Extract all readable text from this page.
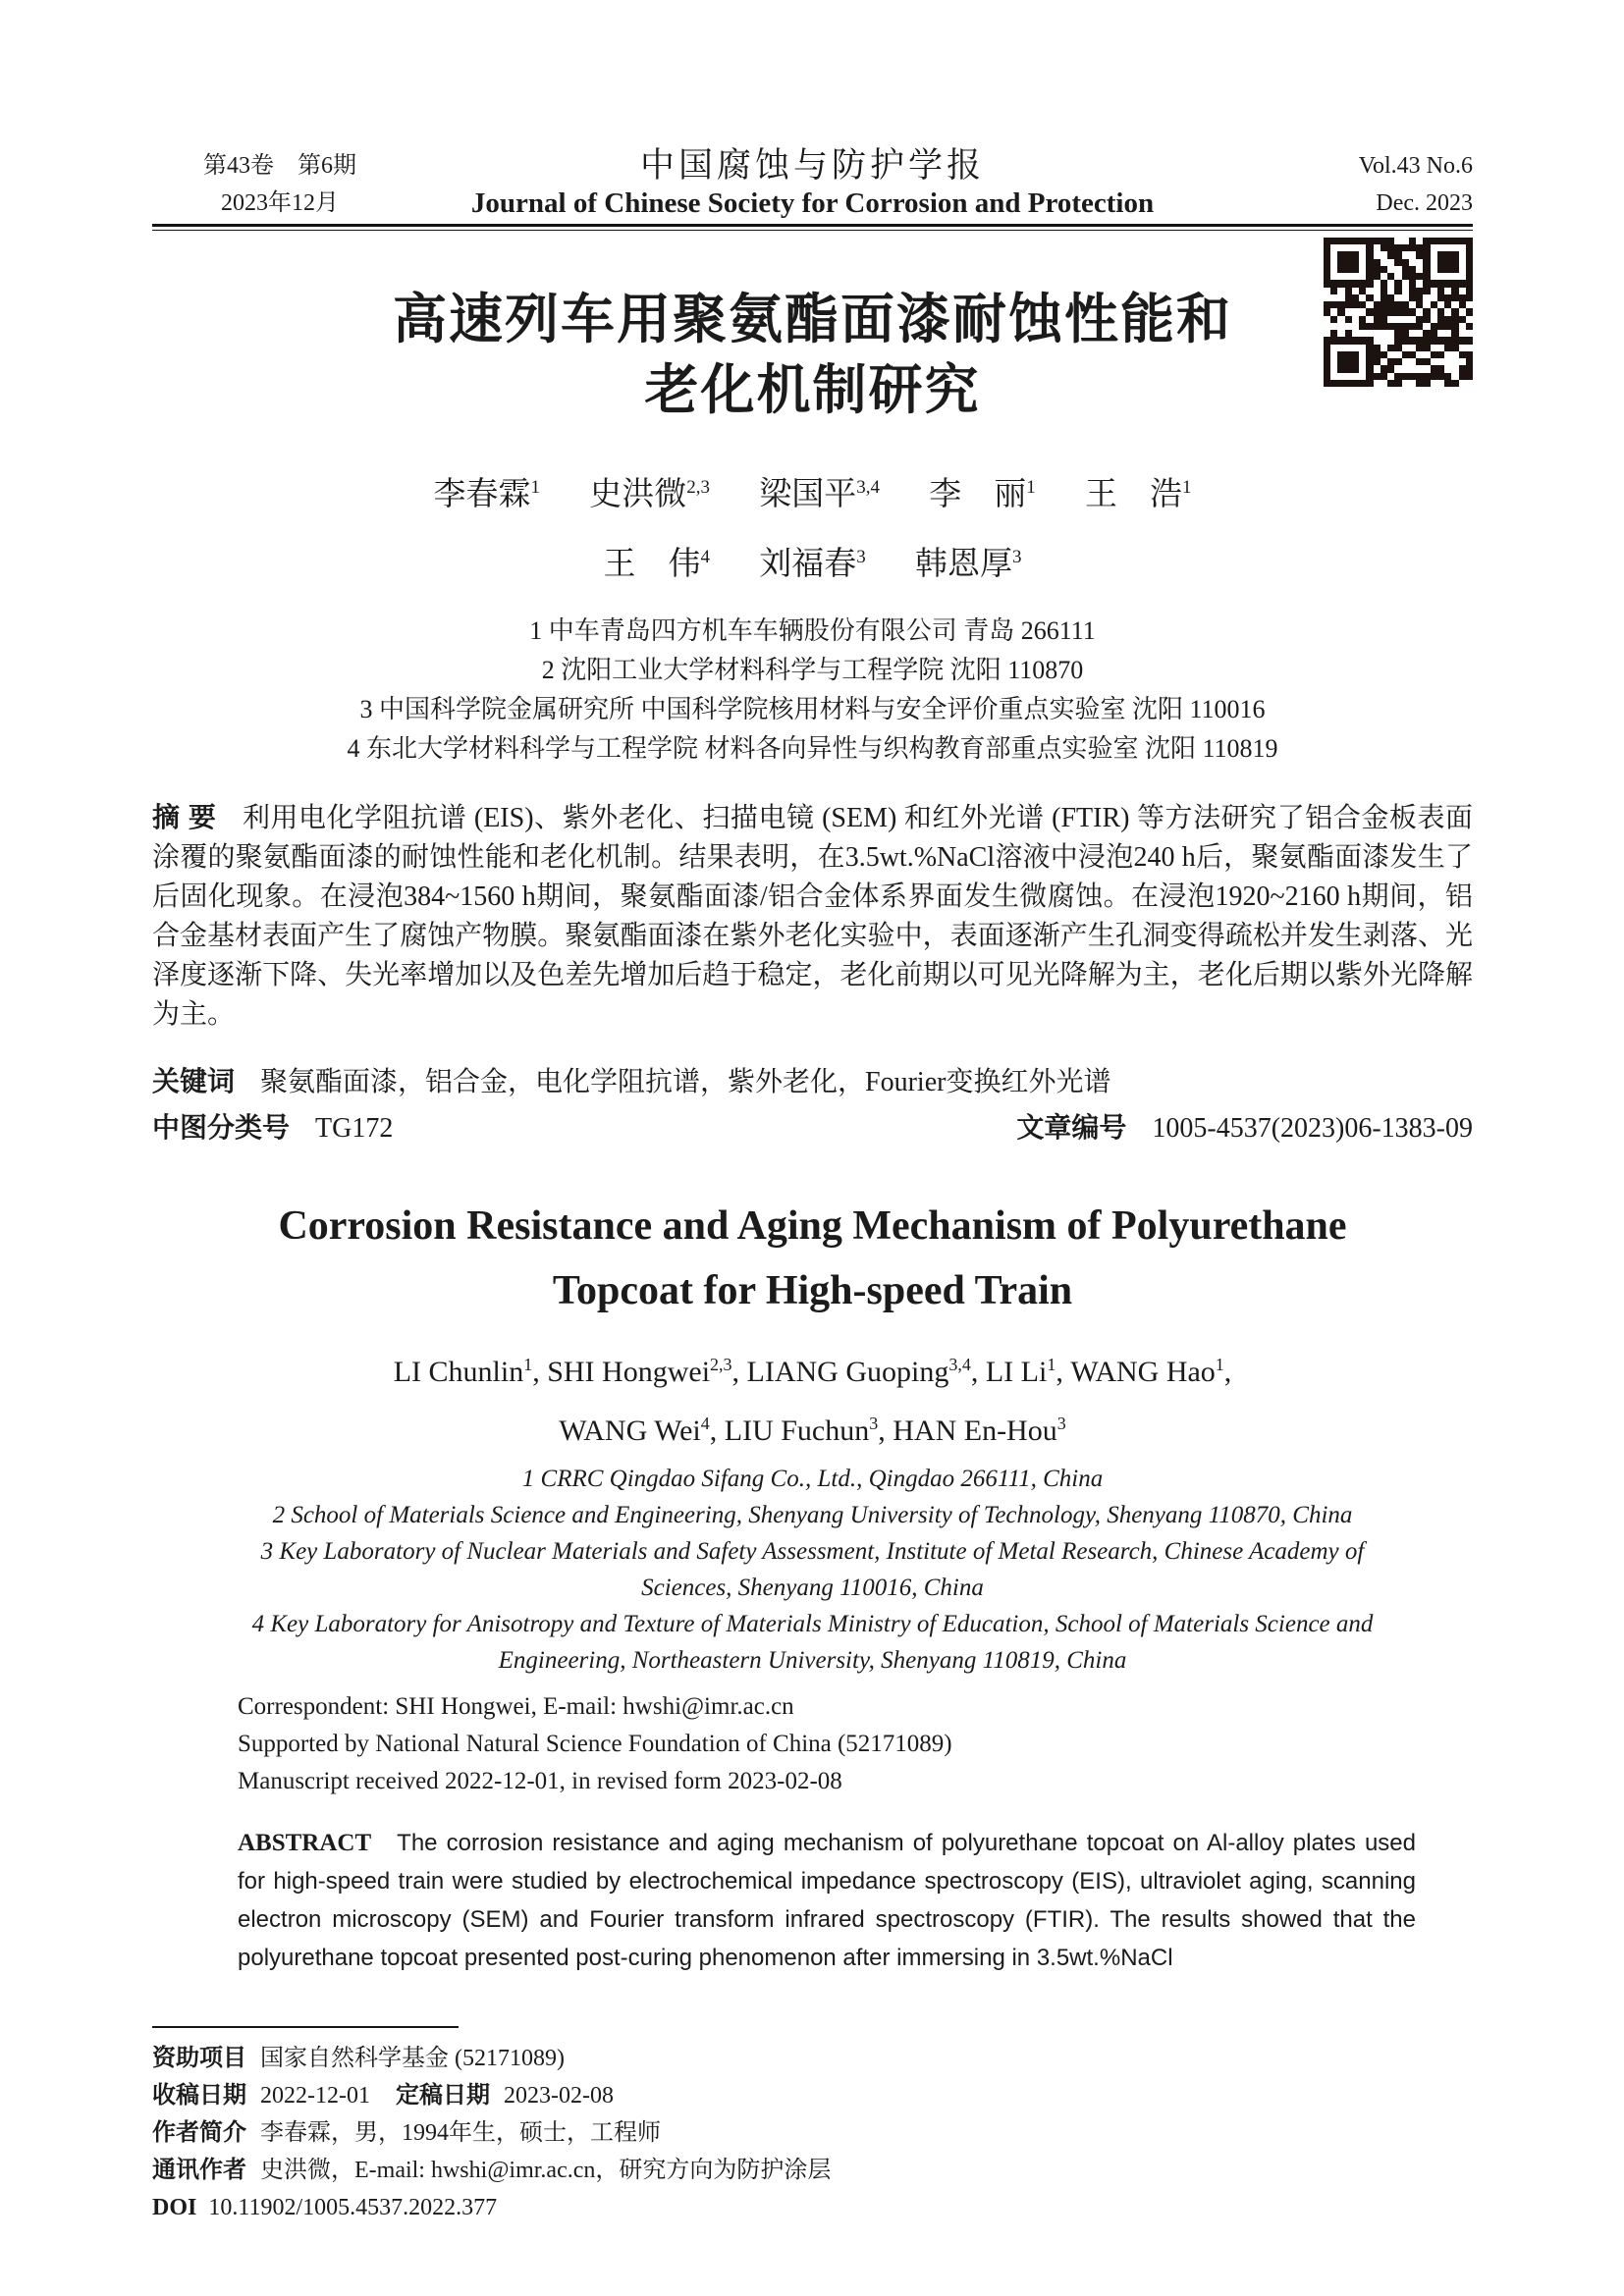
第43卷　第6期
2023年12月
中国腐蚀与防护学报
Journal of Chinese Society for Corrosion and Protection
Vol.43 No.6
Dec. 2023
高速列车用聚氨酯面漆耐蚀性能和
老化机制研究
李春霖$^1$ 史洪微$^{2,3}$ 梁国平$^{3,4}$ 李　丽$^1$ 王　浩$^1$
王　伟$^4$ 刘福春$^3$ 韩恩厚$^3$
1 中车青岛四方机车车辆股份有限公司 青岛 266111
2 沈阳工业大学材料科学与工程学院 沈阳 110870
3 中国科学院金属研究所 中国科学院核用材料与安全评价重点实验室 沈阳 110016
4 东北大学材料科学与工程学院 材料各向异性与织构教育部重点实验室 沈阳 110819

摘 要 利用电化学阻抗谱 (EIS)、紫外老化、扫描电镜 (SEM) 和红外光谱 (FTIR) 等方法研究了铝合金板表面涂覆的聚氨酯面漆的耐蚀性能和老化机制。结果表明，在3.5wt.%NaCl溶液中浸泡240 h后，聚氨酯面漆发生了后固化现象。在浸泡384~1560 h期间，聚氨酯面漆/铝合金体系界面发生微腐蚀。在浸泡1920~2160 h期间，铝合金基材表面产生了腐蚀产物膜。聚氨酯面漆在紫外老化实验中，表面逐渐产生孔洞变得疏松并发生剥落、光泽度逐渐下降、失光率增加以及色差先增加后趋于稳定，老化前期以可见光降解为主，老化后期以紫外光降解为主。

关键词 聚氨酯面漆，铝合金，电化学阻抗谱，紫外老化，Fourier变换红外光谱

中图分类号 TG172	文章编号 1005-4537(2023)06-1383-09
Corrosion Resistance and Aging Mechanism of Polyurethane
Topcoat for High-speed Train
LI Chunlin$^1$, SHI Hongwei$^{2,3}$, LIANG Guoping$^{3,4}$, LI Li$^1$, WANG Hao$^1$,
WANG Wei$^4$, LIU Fuchun$^3$, HAN En-Hou$^3$
1 CRRC Qingdao Sifang Co., Ltd., Qingdao 266111, China
2 School of Materials Science and Engineering, Shenyang University of Technology, Shenyang 110870, China
3 Key Laboratory of Nuclear Materials and Safety Assessment, Institute of Metal Research, Chinese Academy of
Sciences, Shenyang 110016, China
4 Key Laboratory for Anisotropy and Texture of Materials Ministry of Education, School of Materials Science and
Engineering, Northeastern University, Shenyang 110819, China
Correspondent: SHI Hongwei, E-mail: hwshi@imr.ac.cn
Supported by National Natural Science Foundation of China (52171089)
Manuscript received 2022-12-01, in revised form 2023-02-08

ABSTRACT The corrosion resistance and aging mechanism of polyurethane topcoat on Al-alloy plates used for high-speed train were studied by electrochemical impedance spectroscopy (EIS), ultraviolet aging, scanning electron microscopy (SEM) and Fourier transform infrared spectroscopy (FTIR). The results showed that the polyurethane topcoat presented post-curing phenomenon after immersing in 3.5wt.%NaCl

资助项目 国家自然科学基金 (52171089)
收稿日期 2022-12-01 定稿日期 2023-02-08
作者简介 李春霖，男，1994年生，硕士，工程师
通讯作者 史洪微，E-mail: hwshi@imr.ac.cn，研究方向为防护涂层
DOI 10.11902/1005.4537.2022.377
